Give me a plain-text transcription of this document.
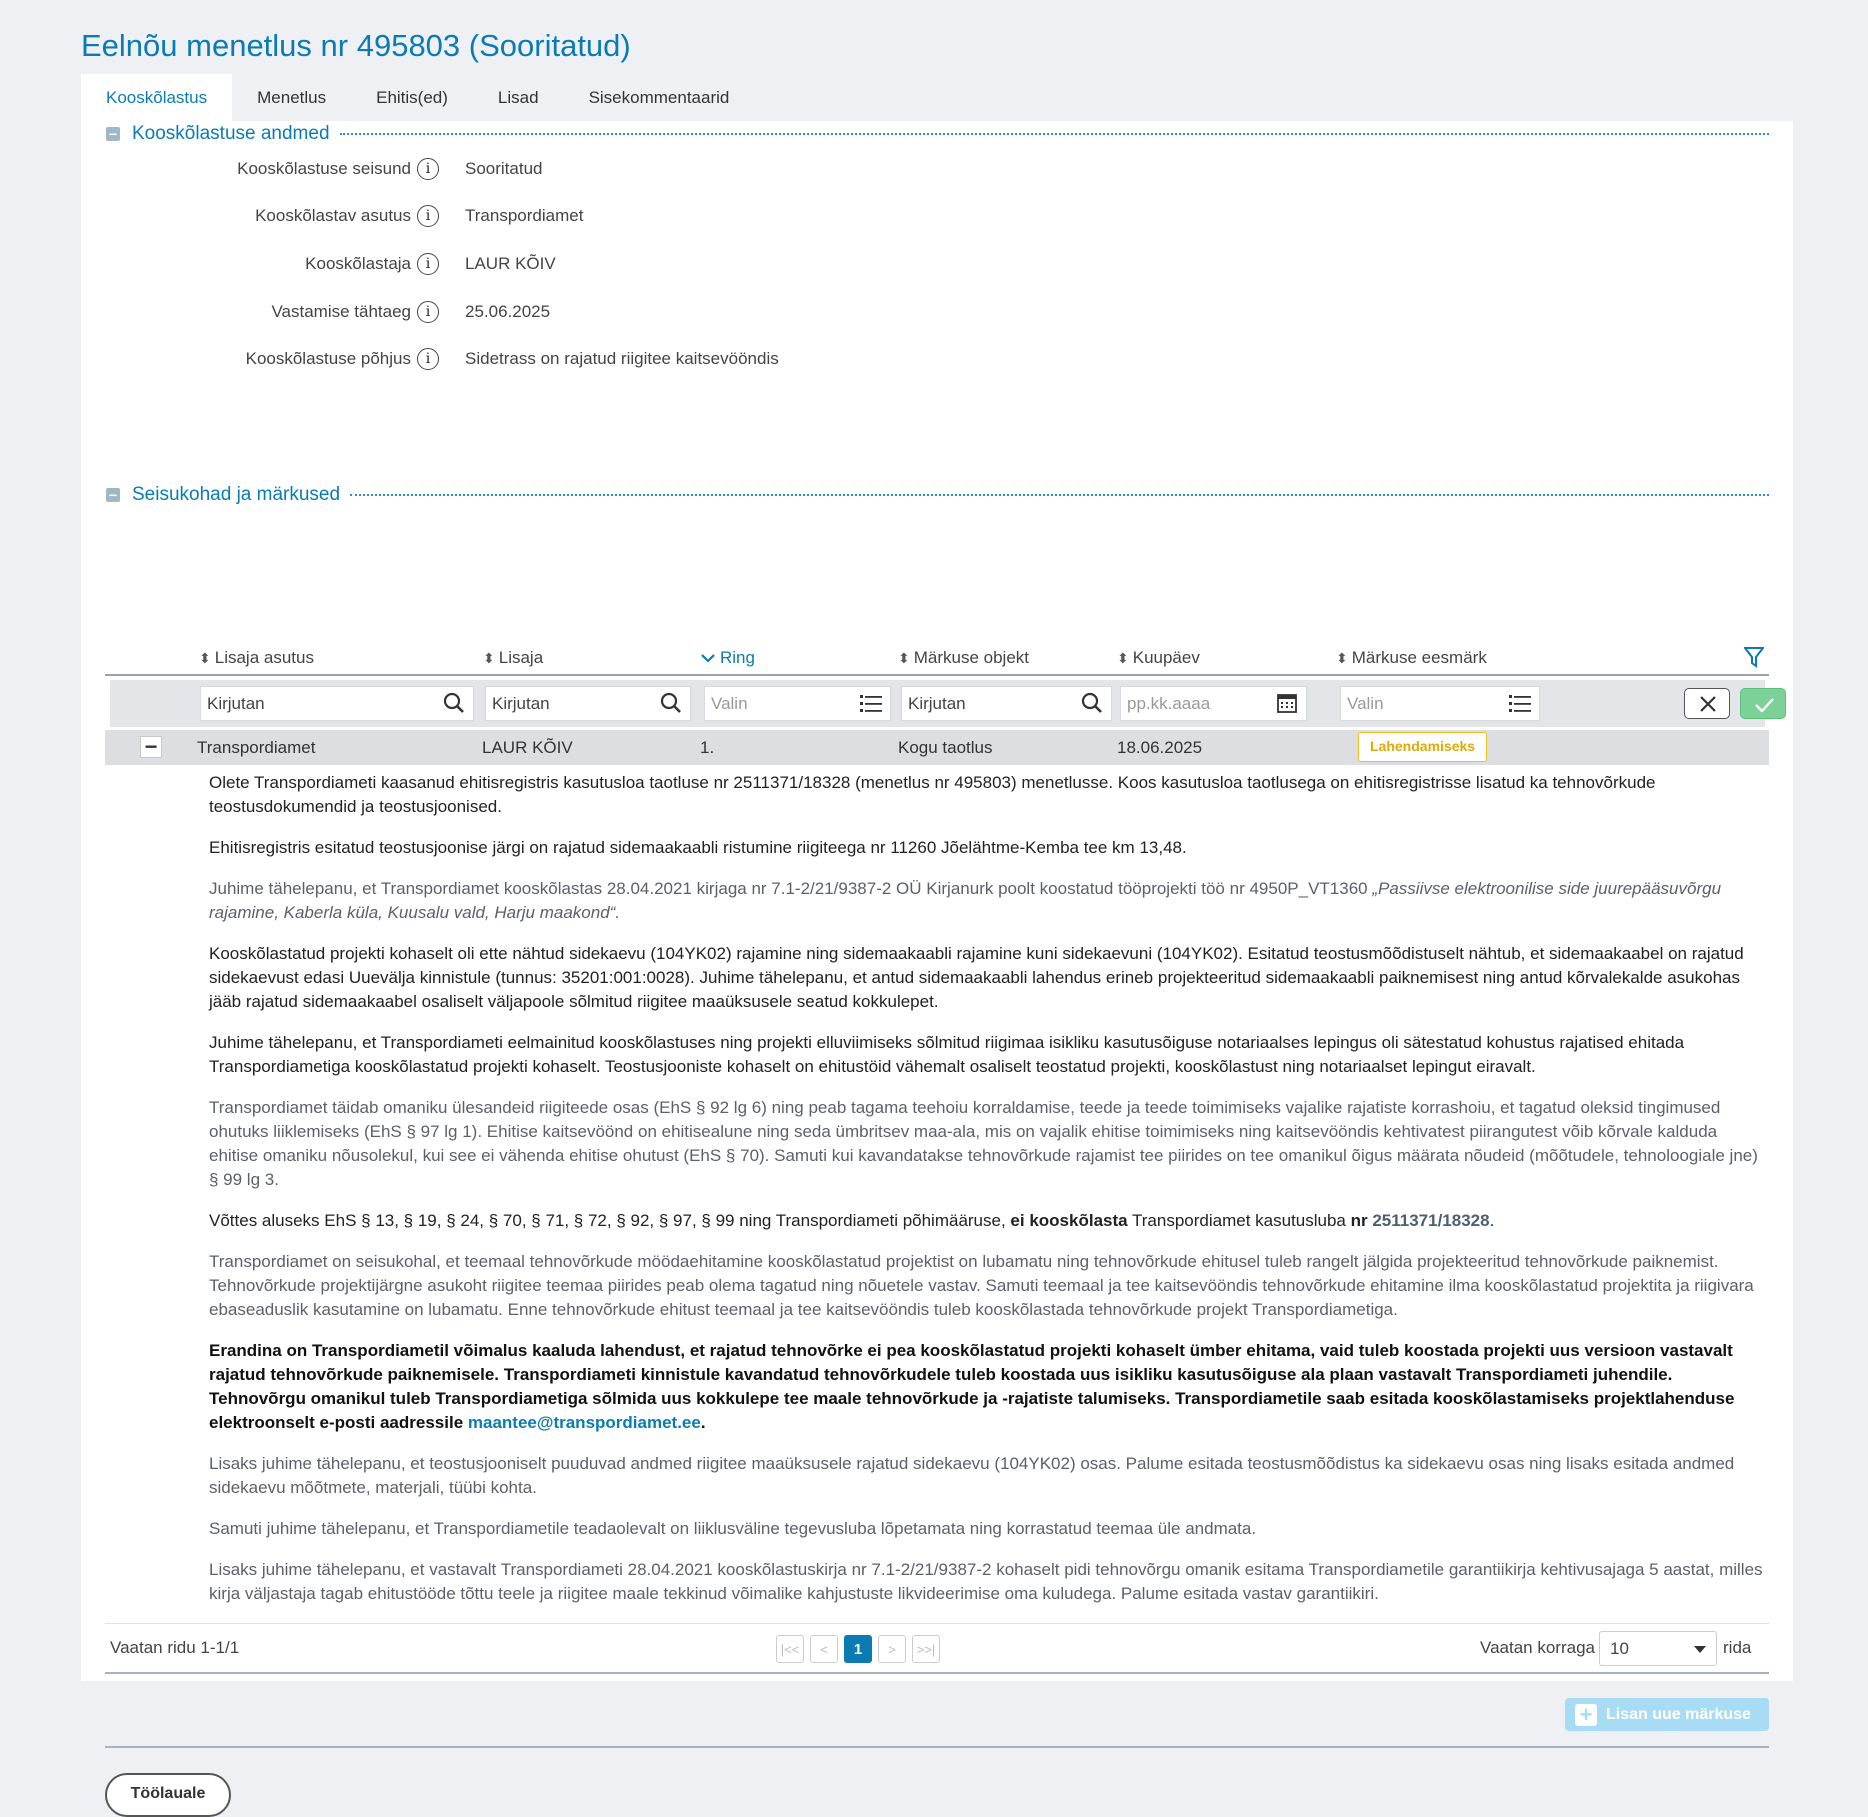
Eelnõu menetlus nr 495803 (Sooritatud)
Kooskõlastus	Menetlus	Ehitis(ed)	Lisad	Sisekommentaarid
− Kooskõlastuse andmed
Kooskõlastuse seisund	i	Sooritatud
Kooskõlastav asutus	i	Transpordiamet
Kooskõlastaja	i	LAUR KÕIV
Vastamise tähtaeg	i	25.06.2025
Kooskõlastuse põhjus	i	Sidetrass on rajatud riigitee kaitsevööndis
− Seisukohad ja märkused
⬍ Lisaja asutus	⬍ Lisaja	Ring	⬍ Märkuse objekt	⬍ Kuupäev	⬍ Märkuse eesmärk
Kirjutan	Kirjutan	Valin	Kirjutan	pp.kk.aaaa	Valin
− Transpordiamet	LAUR KÕIV	1.	Kogu taotlus	18.06.2025	Lahendamiseks

Olete Transpordiameti kaasanud ehitisregistris kasutusloa taotluse nr 2511371/18328 (menetlus nr 495803) menetlusse. Koos kasutusloa taotlusega on ehitisregistrisse lisatud ka tehnovõrkude teostusdokumendid ja teostusjoonised.

Ehitisregistris esitatud teostusjoonise järgi on rajatud sidemaakaabli ristumine riigiteega nr 11260 Jõelähtme-Kemba tee km 13,48.

Juhime tähelepanu, et Transpordiamet kooskõlastas 28.04.2021 kirjaga nr 7.1-2/21/9387-2 OÜ Kirjanurk poolt koostatud tööprojekti töö nr 4950P_VT1360 „Passiivse elektroonilise side juurepääsuvõrgu rajamine, Kaberla küla, Kuusalu vald, Harju maakond“.

Kooskõlastatud projekti kohaselt oli ette nähtud sidekaevu (104YK02) rajamine ning sidemaakaabli rajamine kuni sidekaevuni (104YK02). Esitatud teostusmõõdistuselt nähtub, et sidemaakaabel on rajatud sidekaevust edasi Uueväljа kinnistule (tunnus: 35201:001:0028). Juhime tähelepanu, et antud sidemaakaabli lahendus erineb projekteeritud sidemaakaabli paiknemisest ning antud kõrvalekalde asukohas jääb rajatud sidemaakaabel osaliselt väljapoole sõlmitud riigitee maaüksusele seatud kokkulepet.

Juhime tähelepanu, et Transpordiameti eelmainitud kooskõlastuses ning projekti elluviimiseks sõlmitud riigimaa isikliku kasutusõiguse notariaalses lepingus oli sätestatud kohustus rajatised ehitada Transpordiametiga kooskõlastatud projekti kohaselt. Teostusjooniste kohaselt on ehitustöid vähemalt osaliselt teostatud projekti, kooskõlastust ning notariaalset lepingut eiravalt.

Transpordiamet täidab omaniku ülesandeid riigiteede osas (EhS § 92 lg 6) ning peab tagama teehoiu korraldamise, teede ja teede toimimiseks vajalike rajatiste korrashoiu, et tagatud oleksid tingimused ohutuks liiklemiseks (EhS § 97 lg 1). Ehitise kaitsevöönd on ehitisealune ning seda ümbritsev maa-ala, mis on vajalik ehitise toimimiseks ning kaitsevööndis kehtivatest piirangutest võib kõrvale kalduda ehitise omaniku nõusolekul, kui see ei vähenda ehitise ohutust (EhS § 70). Samuti kui kavandatakse tehnovõrkude rajamist tee piirides on tee omanikul õigus määrata nõudeid (mõõtudele, tehnoloogiale jne) § 99 lg 3.

Võttes aluseks EhS § 13, § 19, § 24, § 70, § 71, § 72, § 92, § 97, § 99 ning Transpordiameti põhimääruse, ei kooskõlasta Transpordiamet kasutusluba nr 2511371/18328.

Transpordiamet on seisukohal, et teemaal tehnovõrkude möödaehitamine kooskõlastatud projektist on lubamatu ning tehnovõrkude ehitusel tuleb rangelt jälgida projekteeritud tehnovõrkude paiknemist. Tehnovõrkude projektijärgne asukoht riigitee teemaa piirides peab olema tagatud ning nõuetele vastav. Samuti teemaal ja tee kaitsevööndis tehnovõrkude ehitamine ilma kooskõlastatud projektita ja riigivara ebaseaduslik kasutamine on lubamatu. Enne tehnovõrkude ehitust teemaal ja tee kaitsevööndis tuleb kooskõlastada tehnovõrkude projekt Transpordiametiga.

Erandina on Transpordiametil võimalus kaaluda lahendust, et rajatud tehnovõrke ei pea kooskõlastatud projekti kohaselt ümber ehitama, vaid tuleb koostada projekti uus versioon vastavalt rajatud tehnovõrkude paiknemisele. Transpordiameti kinnistule kavandatud tehnovõrkudele tuleb koostada uus isikliku kasutusõiguse ala plaan vastavalt Transpordiameti juhendile. Tehnovõrgu omanikul tuleb Transpordiametiga sõlmida uus kokkulepe tee maale tehnovõrkude ja -rajatiste talumiseks. Transpordiametile saab esitada kooskõlastamiseks projektlahenduse elektroonselt e-posti aadressile maantee@transpordiamet.ee.

Lisaks juhime tähelepanu, et teostusjooniselt puuduvad andmed riigitee maaüksusele rajatud sidekaevu (104YK02) osas. Palume esitada teostusmõõdistus ka sidekaevu osas ning lisaks esitada andmed sidekaevu mõõtmete, materjali, tüübi kohta.

Samuti juhime tähelepanu, et Transpordiametile teadaolevalt on liiklusväline tegevusluba lõpetamata ning korrastatud teemaa üle andmata.

Lisaks juhime tähelepanu, et vastavalt Transpordiameti 28.04.2021 kooskõlastuskirja nr 7.1-2/21/9387-2 kohaselt pidi tehnovõrgu omanik esitama Transpordiametile garantiikirja kehtivusajaga 5 aastat, milles kirja väljastaja tagab ehitustööde tõttu teele ja riigitee maale tekkinud võimalike kahjustuste likvideerimise oma kuludega. Palume esitada vastav garantiikiri.

Vaatan ridu 1-1/1	|<<	<	1	>	>>|	Vaatan korraga 10	rida
+ Lisan uue märkuse
Töölauale
